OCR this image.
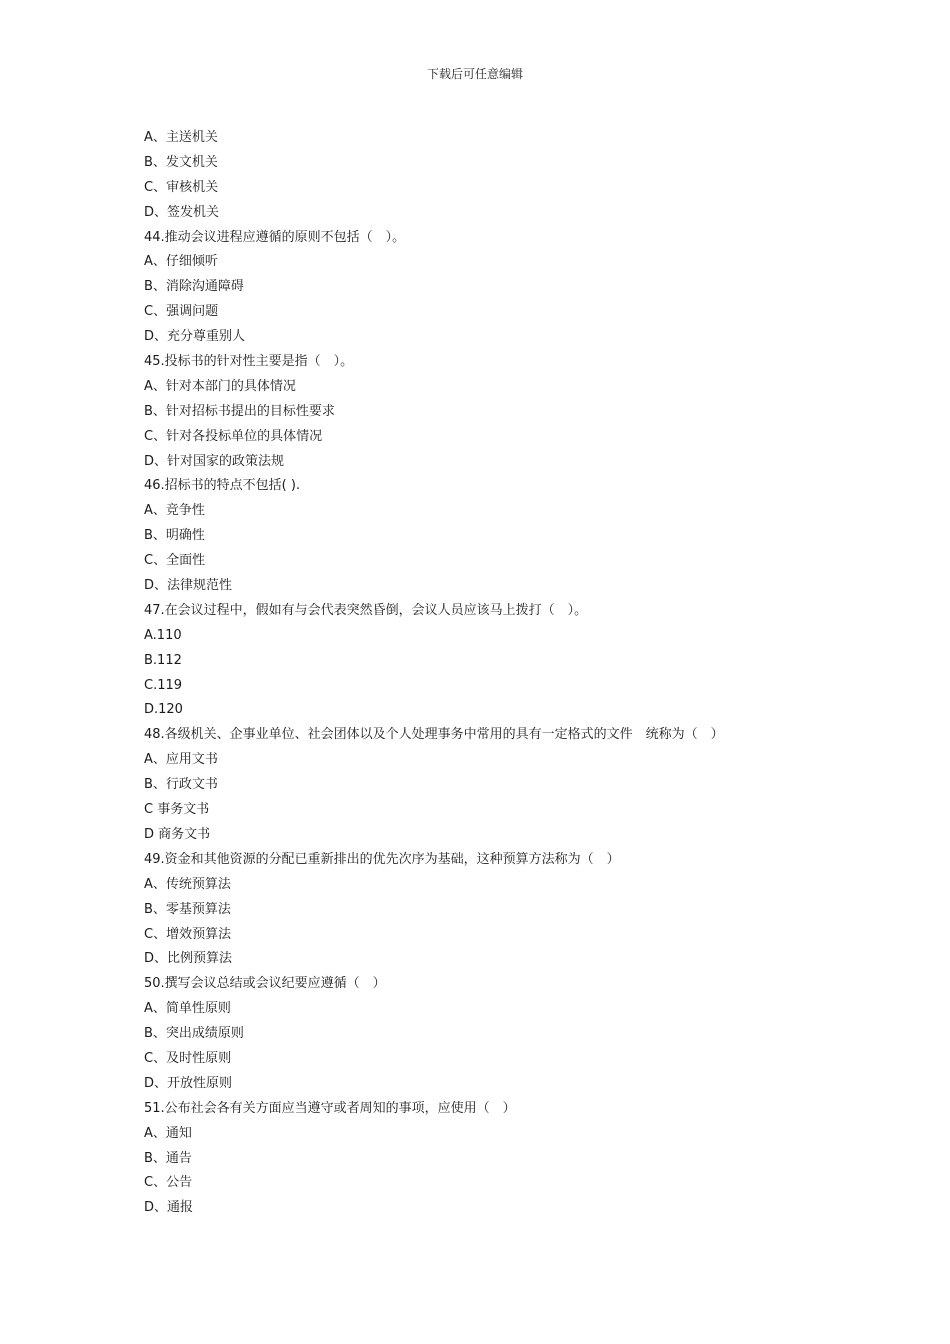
下载后可任意编辑
A、主送机关
B、发文机关
C、审核机关
D、签发机关
44.推动会议进程应遵循的原则不包括（　）。
A、仔细倾听
B、消除沟通障碍
C、强调问题
D、充分尊重别人
45.投标书的针对性主要是指（　）。
A、针对本部门的具体情况
B、针对招标书提出的目标性要求
C、针对各投标单位的具体情况
D、针对国家的政策法规
46.招标书的特点不包括( ).
A、竞争性
B、明确性
C、全面性
D、法律规范性
47.在会议过程中，假如有与会代表突然昏倒，会议人员应该马上拨打（　）。
A.110
B.112
C.119
D.120
48.各级机关、企事业单位、社会团体以及个人处理事务中常用的具有一定格式的文件　统称为（　）
A、应用文书
B、行政文书
C 事务文书
D 商务文书
49.资金和其他资源的分配已重新排出的优先次序为基础，这种预算方法称为（　）
A、传统预算法
B、零基预算法
C、增效预算法
D、比例预算法
50.撰写会议总结或会议纪要应遵循（　）
A、简单性原则
B、突出成绩原则
C、及时性原则
D、开放性原则
51.公布社会各有关方面应当遵守或者周知的事项，应使用（　）
A、通知
B、通告
C、公告
D、通报
